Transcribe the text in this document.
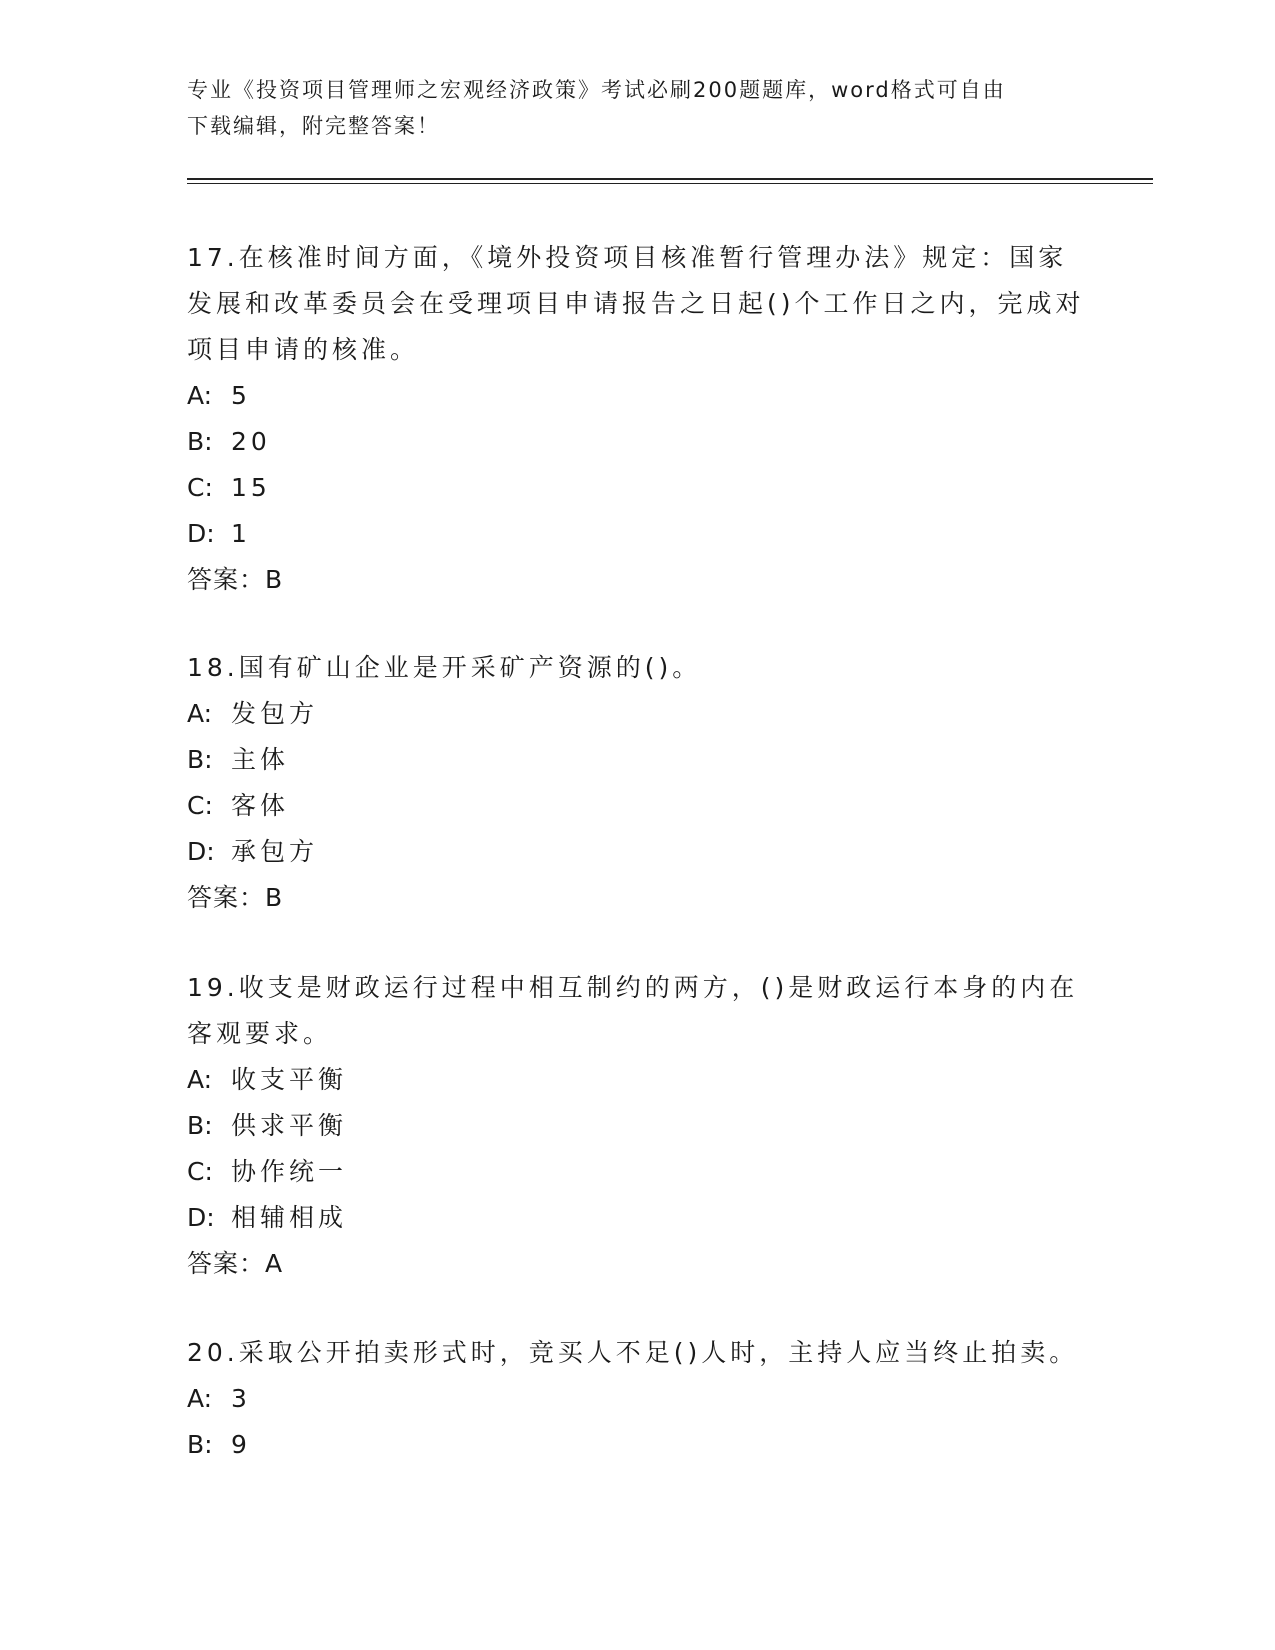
专业《投资项目管理师之宏观经济政策》考试必刷200题题库，word格式可自由
下载编辑，附完整答案！

17.在核准时间方面，《境外投资项目核准暂行管理办法》规定：国家发展和改革委员会在受理项目申请报告之日起()个工作日之内，完成对项目申请的核准。

A: 5

B: 20

C: 15

D: 1

答案：B

18.国有矿山企业是开采矿产资源的()。

A: 发包方

B: 主体

C: 客体

D: 承包方

答案：B

19.收支是财政运行过程中相互制约的两方，()是财政运行本身的内在客观要求。

A: 收支平衡

B: 供求平衡

C: 协作统一

D: 相辅相成

答案：A

20.采取公开拍卖形式时，竞买人不足()人时，主持人应当终止拍卖。

A: 3

B: 9
